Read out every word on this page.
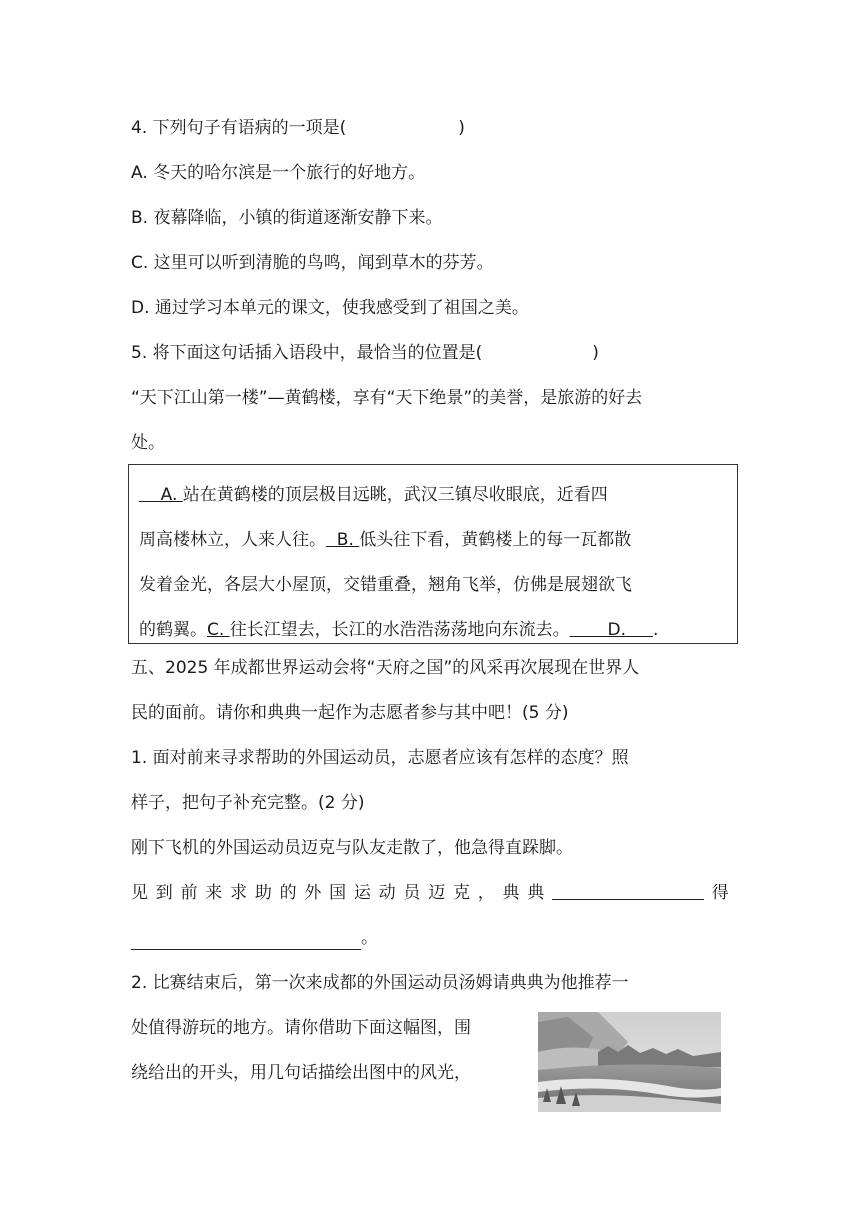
4. 下列句子有语病的一项是(	)
A. 冬天的哈尔滨是一个旅行的好地方。
B. 夜幕降临，小镇的街道逐渐安静下来。
C. 这里可以听到清脆的鸟鸣，闻到草木的芬芳。
D. 通过学习本单元的课文，使我感受到了祖国之美。
5. 将下面这句话插入语段中，最恰当的位置是(	)
“天下江山第一楼”—黄鹤楼，享有“天下绝景”的美誉，是旅游的好去
处。
A. 站在黄鹤楼的顶层极目远眺，武汉三镇尽收眼底，近看四
周高楼林立，人来人往。  B. 低头往下看，黄鹤楼上的每一瓦都散
发着金光，各层大小屋顶，交错重叠，翘角飞举，仿佛是展翅欲飞
的鹤翼。C. 往长江望去，长江的水浩浩荡荡地向东流去。       D.     .
五、2025 年成都世界运动会将“天府之国”的风采再次展现在世界人
民的面前。请你和典典一起作为志愿者参与其中吧！(5 分)
1. 面对前来寻求帮助的外国运动员，志愿者应该有怎样的态度？照
样子，把句子补充完整。(2 分)
刚下飞机的外国运动员迈克与队友走散了，他急得直跺脚。
见 到 前 来 求 助 的 外 国 运 动 员 迈 克 ， 典 典	得
。
2. 比赛结束后，第一次来成都的外国运动员汤姆请典典为他推荐一
处值得游玩的地方。请你借助下面这幅图，围
绕给出的开头，用几句话描绘出图中的风光，
